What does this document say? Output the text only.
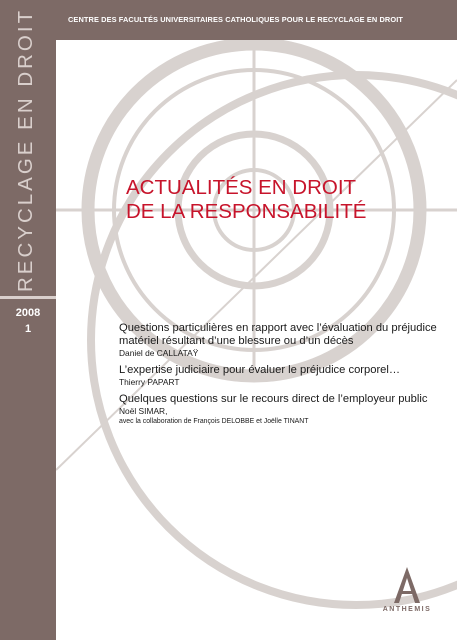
RECYCLAGE EN DROIT
2008
1
CENTRE DES FACULTÉS UNIVERSITAIRES CATHOLIQUES POUR LE RECYCLAGE EN DROIT
ACTUALITÉS EN DROIT
DE LA RESPONSABILITÉ
Questions particulières en rapport avec l’évaluation du préjudice matériel résultant d’une blessure ou d’un décès
Daniel de CALLATAŸ
L’expertise judiciaire pour évaluer le préjudice corporel…
Thierry PAPART
Quelques questions sur le recours direct de l’employeur public
Noël SIMAR,
avec la collaboration de François DELOBBE et Joëlle TINANT
ANTHEMIS
